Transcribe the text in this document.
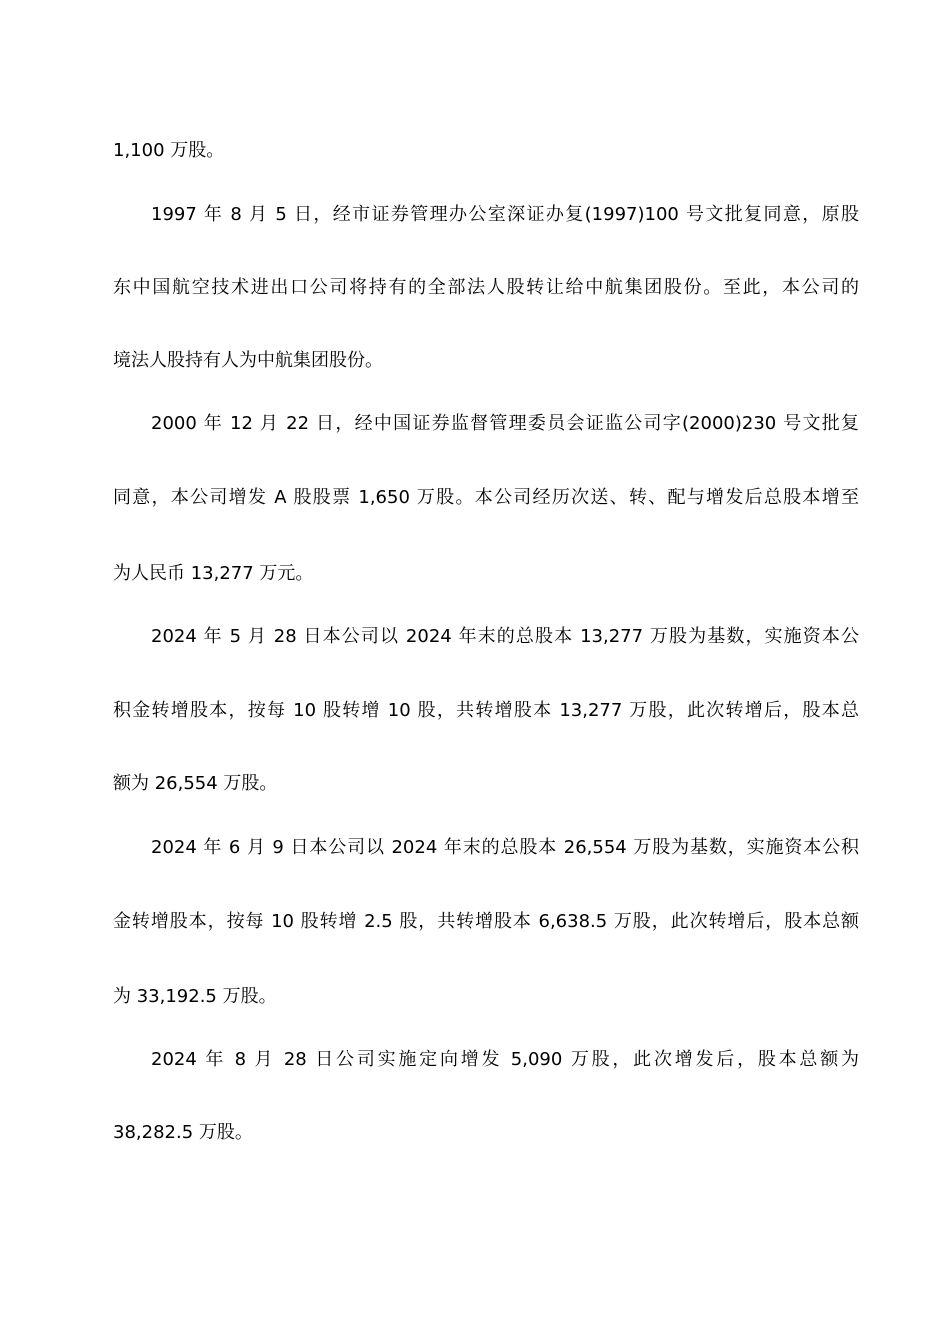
1,100 万股。
1997 年 8 月 5 日，经市证券管理办公室深证办复(1997)100 号文批复同意，原股
东中国航空技术进出口公司将持有的全部法人股转让给中航集团股份。至此，本公司的
境法人股持有人为中航集团股份。
2000 年 12 月 22 日，经中国证券监督管理委员会证监公司字(2000)230 号文批复
同意，本公司增发 A 股股票 1,650 万股。本公司经历次送、转、配与增发后总股本增至
为人民币 13,277 万元。
2024 年 5 月 28 日本公司以 2024 年末的总股本 13,277 万股为基数，实施资本公
积金转增股本，按每 10 股转增 10 股，共转增股本 13,277 万股，此次转增后，股本总
额为 26,554 万股。
2024 年 6 月 9 日本公司以 2024 年末的总股本 26,554 万股为基数，实施资本公积
金转增股本，按每 10 股转增 2.5 股，共转增股本 6,638.5 万股，此次转增后，股本总额
为 33,192.5 万股。
2024 年 8 月 28 日公司实施定向增发 5,090 万股，此次增发后，股本总额为
38,282.5 万股。
